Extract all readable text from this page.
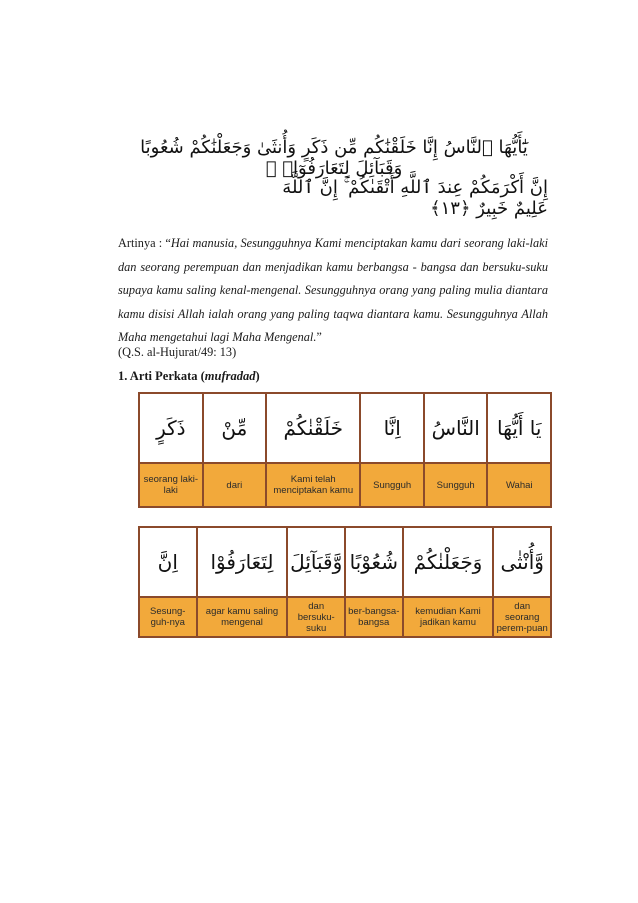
يَٰٓأَيُّهَا ٱلنَّاسُ إِنَّا خَلَقْنَٰكُم مِّن ذَكَرٍ وَأُنثَىٰ وَجَعَلْنَٰكُمْ شُعُوبًا وَقَبَآئِلَ لِتَعَارَفُوٓا۟ ۚ
إِنَّ أَكْرَمَكُمْ عِندَ ٱللَّهِ أَتْقَىٰكُمْ ۚ إِنَّ ٱللَّهَ عَلِيمٌ خَبِيرٌ ﴿١٣﴾
Artinya : “Hai manusia, Sesungguhnya Kami menciptakan kamu dari seorang laki-laki dan seorang perempuan dan menjadikan kamu berbangsa - bangsa dan bersuku-suku supaya kamu saling kenal-mengenal. Sesungguhnya orang yang paling mulia diantara kamu disisi Allah ialah orang yang paling taqwa diantara kamu. Sesungguhnya Allah Maha mengetahui lagi Maha Mengenal.”
(Q.S. al-Hujurat/49: 13)
1. Arti Perkata (mufradad)
يَا أَيُّهَا
Wahai
النَّاسُ
Sungguh
اِنَّا
Sungguh
خَلَقْنٰكُمْ
Kami telah menciptakan kamu
مِّنْ
dari
ذَكَرٍ
seorang laki-laki
وَّأُنْثٰى
dan seorang perem-puan
وَجَعَلْنٰكُمْ
kemudian Kami jadikan kamu
شُعُوْبًا
ber-bangsa-bangsa
وَّقَبَآئِلَ
dan bersuku-suku
لِتَعَارَفُوْا
agar kamu saling mengenal
اِنَّ
Sesung-guh-nya
